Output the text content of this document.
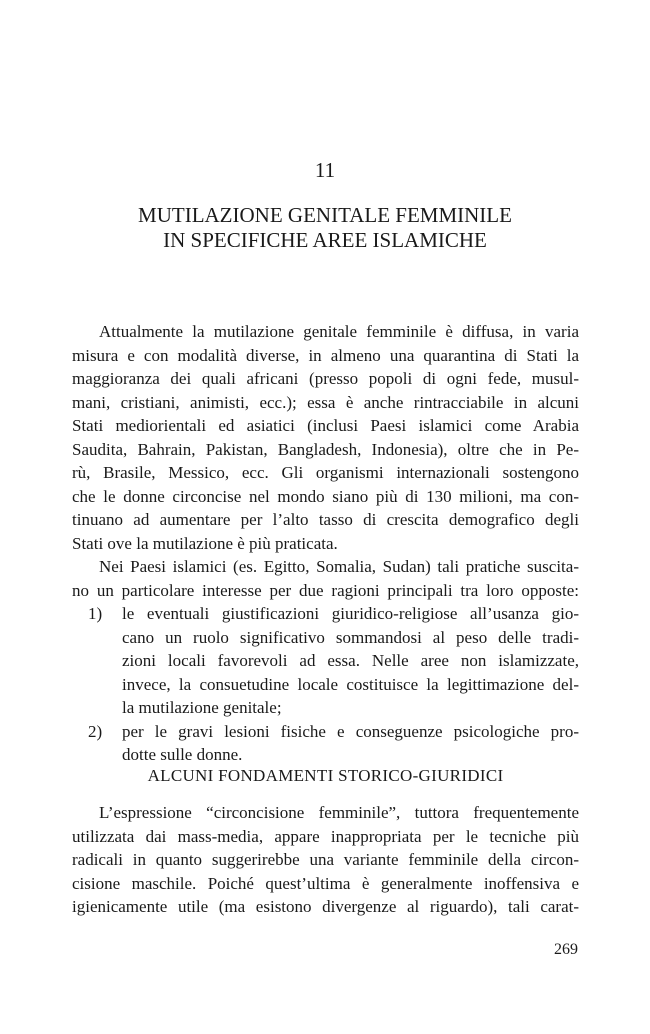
11
MUTILAZIONE GENITALE FEMMINILE
IN SPECIFICHE AREE ISLAMICHE
Attualmente la mutilazione genitale femminile è diffusa, in varia
misura e con modalità diverse, in almeno una quarantina di Stati la
maggioranza dei quali africani (presso popoli di ogni fede, musul-
mani, cristiani, animisti, ecc.); essa è anche rintracciabile in alcuni
Stati mediorientali ed asiatici (inclusi Paesi islamici come Arabia
Saudita, Bahrain, Pakistan, Bangladesh, Indonesia), oltre che in Pe-
rù, Brasile, Messico, ecc. Gli organismi internazionali sostengono
che le donne circoncise nel mondo siano più di 130 milioni, ma con-
tinuano ad aumentare per l’alto tasso di crescita demografico degli
Stati ove la mutilazione è più praticata.
Nei Paesi islamici (es. Egitto, Somalia, Sudan) tali pratiche suscita-
no un particolare interesse per due ragioni principali tra loro opposte:
1)	le eventuali giustificazioni giuridico-religiose all’usanza gio-
cano un ruolo significativo sommandosi al peso delle tradi-
zioni locali favorevoli ad essa. Nelle aree non islamizzate,
invece, la consuetudine locale costituisce la legittimazione del-
la mutilazione genitale;
2)	per le gravi lesioni fisiche e conseguenze psicologiche pro-
dotte sulle donne.
ALCUNI FONDAMENTI STORICO-GIURIDICI
L’espressione “circoncisione femminile”, tuttora frequentemente
utilizzata dai mass-media, appare inappropriata per le tecniche più
radicali in quanto suggerirebbe una variante femminile della circon-
cisione maschile. Poiché quest’ultima è generalmente inoffensiva e
igienicamente utile (ma esistono divergenze al riguardo), tali carat-
269
